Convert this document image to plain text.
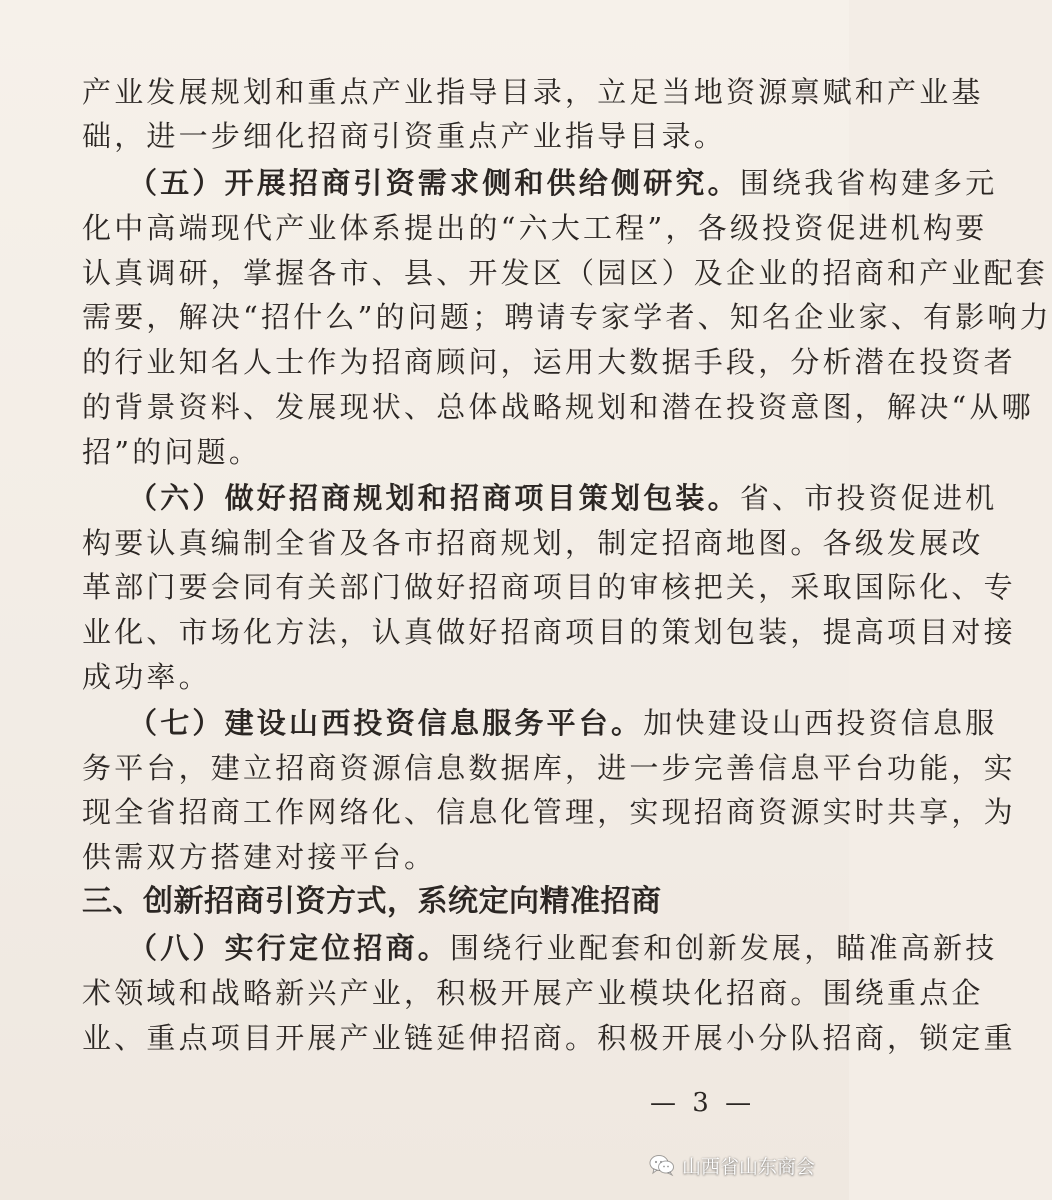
产业发展规划和重点产业指导目录，立足当地资源禀赋和产业基
础，进一步细化招商引资重点产业指导目录。
（五）开展招商引资需求侧和供给侧研究。围绕我省构建多元
化中高端现代产业体系提出的“六大工程”，各级投资促进机构要
认真调研，掌握各市、县、开发区（园区）及企业的招商和产业配套
需要，解决“招什么”的问题；聘请专家学者、知名企业家、有影响力
的行业知名人士作为招商顾问，运用大数据手段，分析潜在投资者
的背景资料、发展现状、总体战略规划和潜在投资意图，解决“从哪
招”的问题。
（六）做好招商规划和招商项目策划包装。省、市投资促进机
构要认真编制全省及各市招商规划，制定招商地图。各级发展改
革部门要会同有关部门做好招商项目的审核把关，采取国际化、专
业化、市场化方法，认真做好招商项目的策划包装，提高项目对接
成功率。
（七）建设山西投资信息服务平台。加快建设山西投资信息服
务平台，建立招商资源信息数据库，进一步完善信息平台功能，实
现全省招商工作网络化、信息化管理，实现招商资源实时共享，为
供需双方搭建对接平台。
三、创新招商引资方式，系统定向精准招商
（八）实行定位招商。围绕行业配套和创新发展，瞄准高新技
术领域和战略新兴产业，积极开展产业模块化招商。围绕重点企
业、重点项目开展产业链延伸招商。积极开展小分队招商，锁定重
— 3 —
山西省山东商会
